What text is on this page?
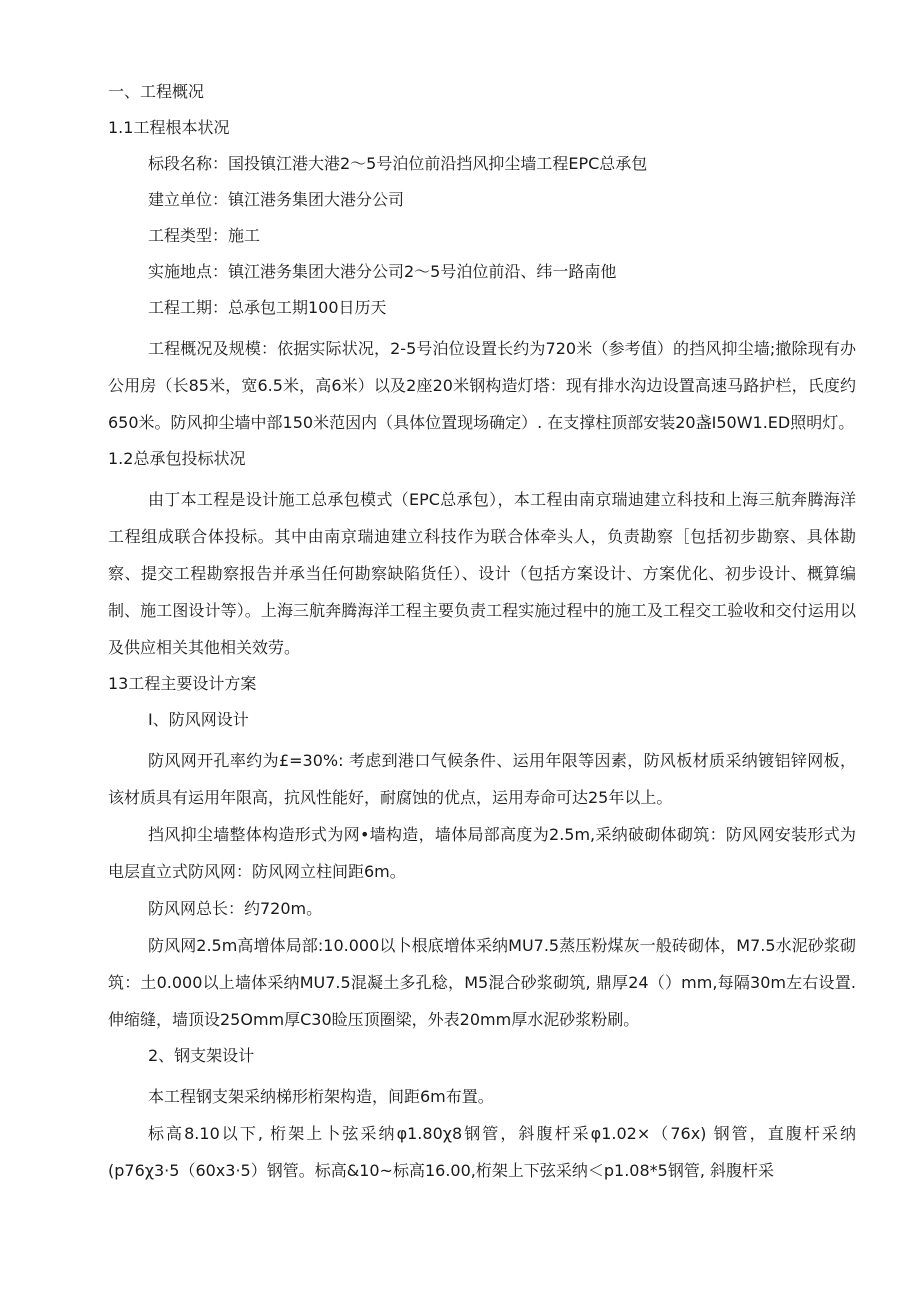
一、工程概况
1.1工程根本状况
标段名称：国投镇江港大港2〜5号泊位前沿挡风抑尘墙工程EPC总承包
建立单位：镇江港务集团大港分公司
工程类型：施工
实施地点：镇江港务集团大港分公司2〜5号泊位前沿、纬一路南他
工程工期：总承包工期100日历天
工程概况及规模：依据实际状况，2-5号泊位设置长约为720米（参考值）的挡风抑尘墙;撤除现有办公用房（长85米，宽6.5米，高6米）以及2座20米钢构造灯塔：现有排水沟边设置高速马路护栏，氏度约650米。防风抑尘墙中部150米范因内（具体位置现场确定）. 在支撑柱顶部安装20盏I50W1.ED照明灯。
1.2总承包投标状况
由丁本工程是设计施工总承包模式（EPC总承包），本工程由南京瑞迪建立科技和上海三航奔腾海洋工程组成联合体投标。其中由南京瑞迪建立科技作为联合体牵头人，负责勘察［包括初步勘察、具体勘察、提交工程勘察报告并承当任何勘察缺陷货任）、设计（包括方案设计、方案优化、初步设计、概算编制、施工图设计等）。上海三航奔腾海洋工程主要负责工程实施过程中的施工及工程交工验收和交付运用以及供应相关其他相关效劳。
13工程主要设计方案
I、防风网设计
防风网开孔率约为£=30%: 考虑到港口气候条件、运用年限等因素，防风板材质采纳镀铝锌网板，该材质具有运用年限高，抗风性能好，耐腐蚀的优点，运用寿命可达25年以上。
挡风抑尘墙整体构造形式为网•墙构造，墙体局部高度为2.5m,采纳破砌体砌筑：防风网安装形式为电层直立式防风网：防风网立柱间距6m。
防风网总长：约720m。
防风网2.5m高增体局部:10.000以卜根底增体采纳MU7.5蒸压粉煤灰一般砖砌体，M7.5水泥砂浆砌筑：土0.000以上墙体采纳MU7.5混凝土多孔稔，M5混合砂浆砌筑, 鼎厚24（）mm,每隔30m左右设置. 伸缩缝，墙顶设25Omm厚C30睑压顶圈梁，外表20mm厚水泥砂浆粉刷。
2、钢支架设计
本工程钢支架采纳梯形桁架构造，间距6m布置。
标高8.10以下, 桁架上卜弦采纳φ1.80χ8钢管，斜腹杆采φ1.02×（76x) 钢管，直腹杆采纳 (p76χ3·5（60x3·5）钢管。标高&10~标高16.00,桁架上下弦采纳＜p1.08*5钢管, 斜腹杆采
